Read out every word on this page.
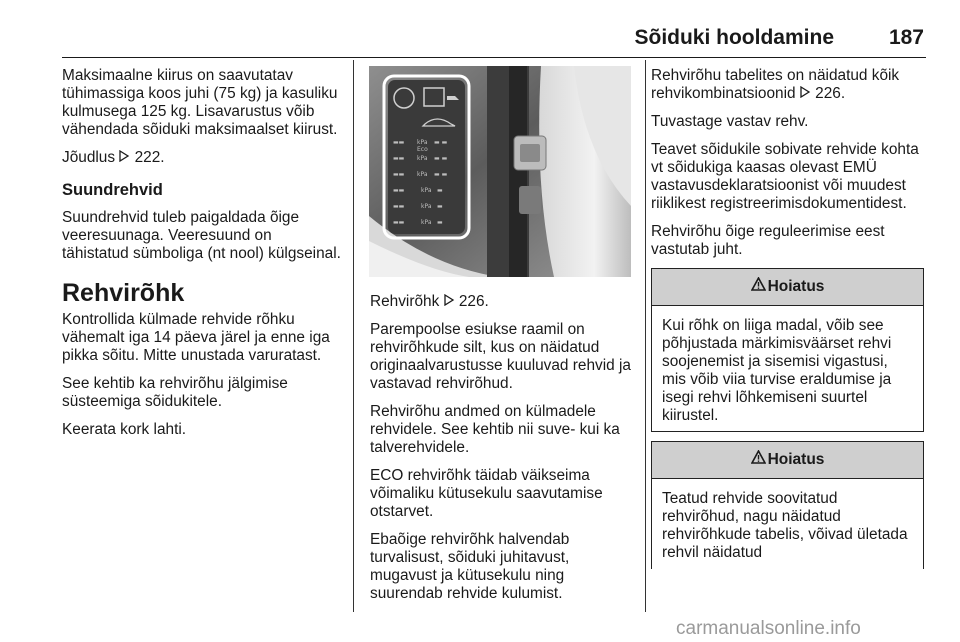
Sõiduki hooldamine	187

Maksimaalne kiirus on saavutatav tühimassiga koos juhi (75 kg) ja kasuliku kulmusega 125 kg. Lisavarustus võib vähendada sõiduki maksimaalset kiirust.

Jõudlus 222.

Suundrehvid

Suundrehvid tuleb paigaldada õige veeresuunaga. Veeresuund on tähistatud sümboliga (nt nool) külgseinal.

Rehvirõhk

Kontrollida külmade rehvide rõhku vähemalt iga 14 päeva järel ja enne iga pikka sõitu. Mitte unustada varuratast.

See kehtib ka rehvirõhu jälgimise süsteemiga sõidukitele.

Keerata kork lahti.

▬▬ kPa ▬ ▬
▬▬ kPa ▬ ▬
Eco
▬▬ kPa ▬ ▬
▬▬	kPa ▬
▬▬	kPa ▬
▬▬	kPa ▬

Rehvirõhk 226.

Parempoolse esiukse raamil on rehvirõhkude silt, kus on näidatud originaalvarustusse kuuluvad rehvid ja vastavad rehvirõhud.

Rehvirõhu andmed on külmadele rehvidele. See kehtib nii suve- kui ka talverehvidele.

ECO rehvirõhk täidab väikseima võimaliku kütusekulu saavutamise otstarvet.

Ebaõige rehvirõhk halvendab turvalisust, sõiduki juhitavust, mugavust ja kütusekulu ning suurendab rehvide kulumist.

Rehvirõhu tabelites on näidatud kõik rehvikombinatsioonid 226.

Tuvastage vastav rehv.

Teavet sõidukile sobivate rehvide kohta vt sõidukiga kaasas olevast EMÜ vastavusdeklaratsioonist või muudest riiklikest registreerimisdokumentidest.

Rehvirõhu õige reguleerimise eest vastutab juht.

Hoiatus
Kui rõhk on liiga madal, võib see põhjustada märkimisväärset rehvi soojenemist ja sisemisi vigastusi, mis võib viia turvise eraldumise ja isegi rehvi lõhkemiseni suurtel kiirustel.
Hoiatus
Teatud rehvide soovitatud rehvirõhud, nagu näidatud rehvirõhkude tabelis, võivad ületada rehvil näidatud
carmanualsonline.info
